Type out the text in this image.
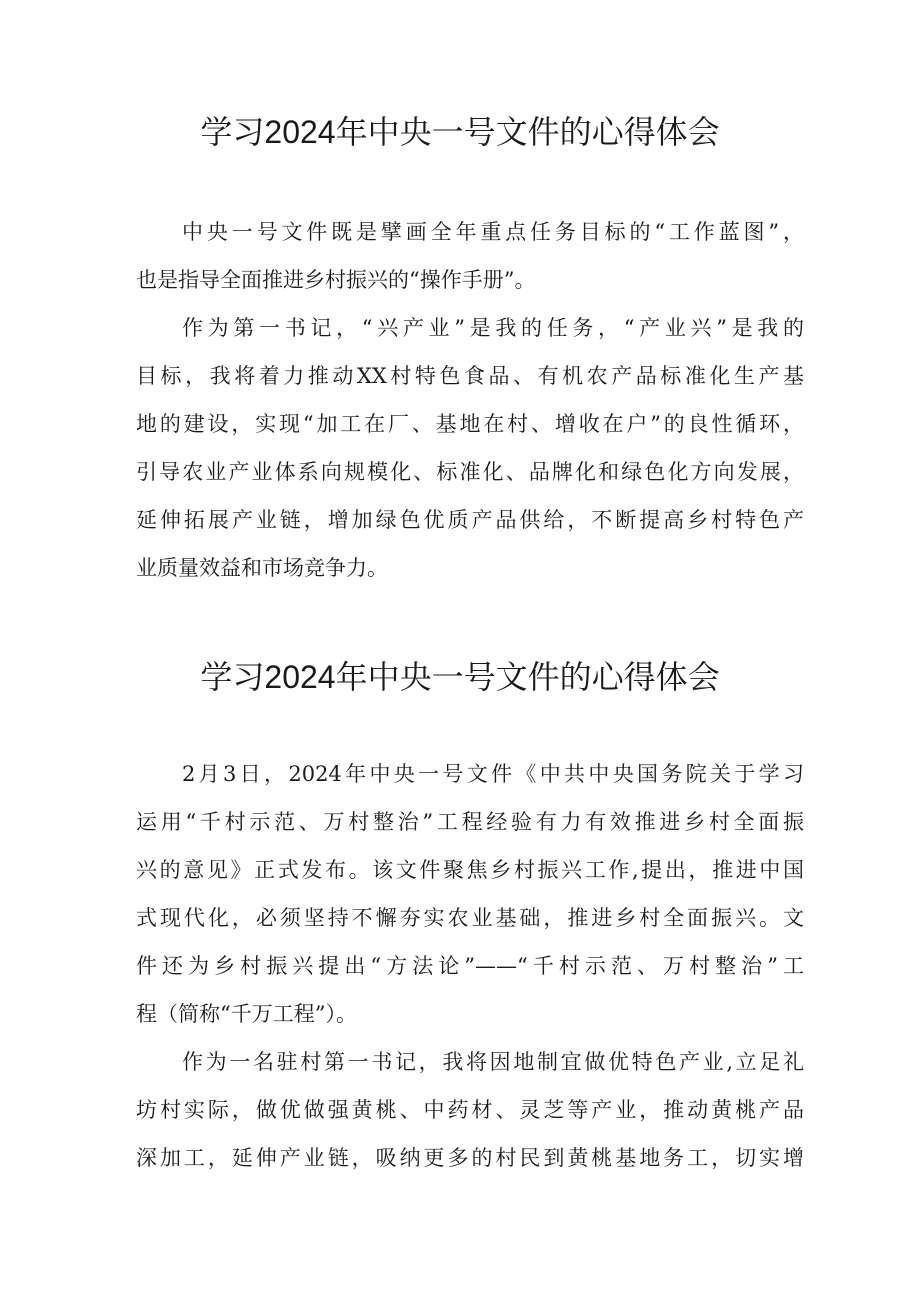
学习2024年中央一号文件的心得体会

中央一号文件既是擘画全年重点任务目标的“工作蓝图”，
也是指导全面推进乡村振兴的“操作手册”。

作为第一书记，“兴产业”是我的任务，“产业兴”是我的
目标，我将着力推动XX村特色食品、有机农产品标准化生产基
地的建设，实现“加工在厂、基地在村、增收在户”的良性循环，
引导农业产业体系向规模化、标准化、品牌化和绿色化方向发展，
延伸拓展产业链，增加绿色优质产品供给，不断提高乡村特色产
业质量效益和市场竞争力。

学习2024年中央一号文件的心得体会

2月3日，2024年中央一号文件《中共中央国务院关于学习
运用“千村示范、万村整治”工程经验有力有效推进乡村全面振
兴的意见》正式发布。该文件聚焦乡村振兴工作,提出，推进中国
式现代化，必须坚持不懈夯实农业基础，推进乡村全面振兴。文
件还为乡村振兴提出“方法论”——“千村示范、万村整治”工
程（简称“千万工程”）。

作为一名驻村第一书记，我将因地制宜做优特色产业,立足礼
坊村实际，做优做强黄桃、中药材、灵芝等产业，推动黄桃产品
深加工，延伸产业链，吸纳更多的村民到黄桃基地务工，切实增
